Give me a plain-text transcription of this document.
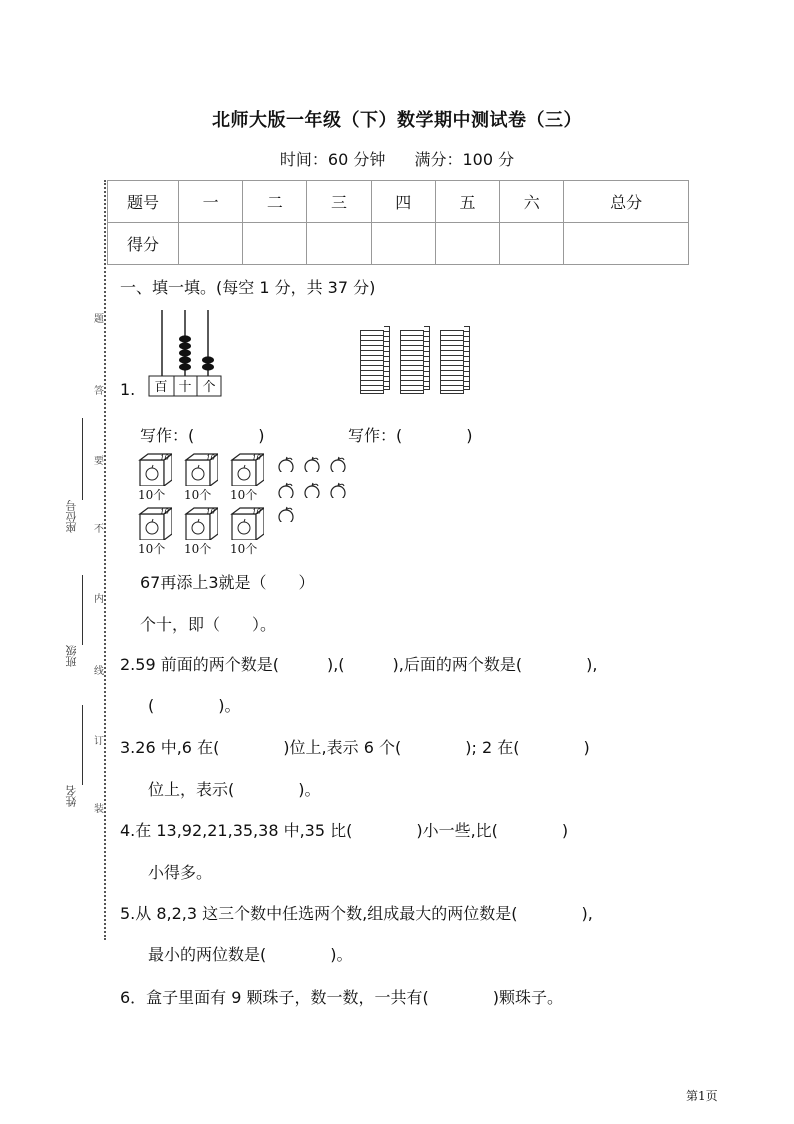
北师大版一年级（下）数学期中测试卷（三）
时间：60 分钟 满分：100 分
题号	一	二	三	四	五	六	总分
得分							
座位号
班级
姓名
题
答
要
不
内
线
订
装
一、填一填。(每空 1 分，共 37 分)
1. 百 十 个
写作：(　　　　)	写作：(　　　　)
10
10个
10
10个
10
10个
10
10个
10
10个
10
10个
67再添上3就是（　　）
个十，即（　　）。
2.59 前面的两个数是(　　　),(　　　),后面的两个数是(　　　　),
(　　　　)。
3.26 中,6 在(　　　　)位上,表示 6 个(　　　　); 2 在(　　　　)
位上，表示(　　　　)。
4.在 13,92,21,35,38 中,35 比(　　　　)小一些,比(　　　　)
小得多。
5.从 8,2,3 这三个数中任选两个数,组成最大的两位数是(　　　　),
最小的两位数是(　　　　)。
6．盒子里面有 9 颗珠子，数一数，一共有(　　　　)颗珠子。
第1页
